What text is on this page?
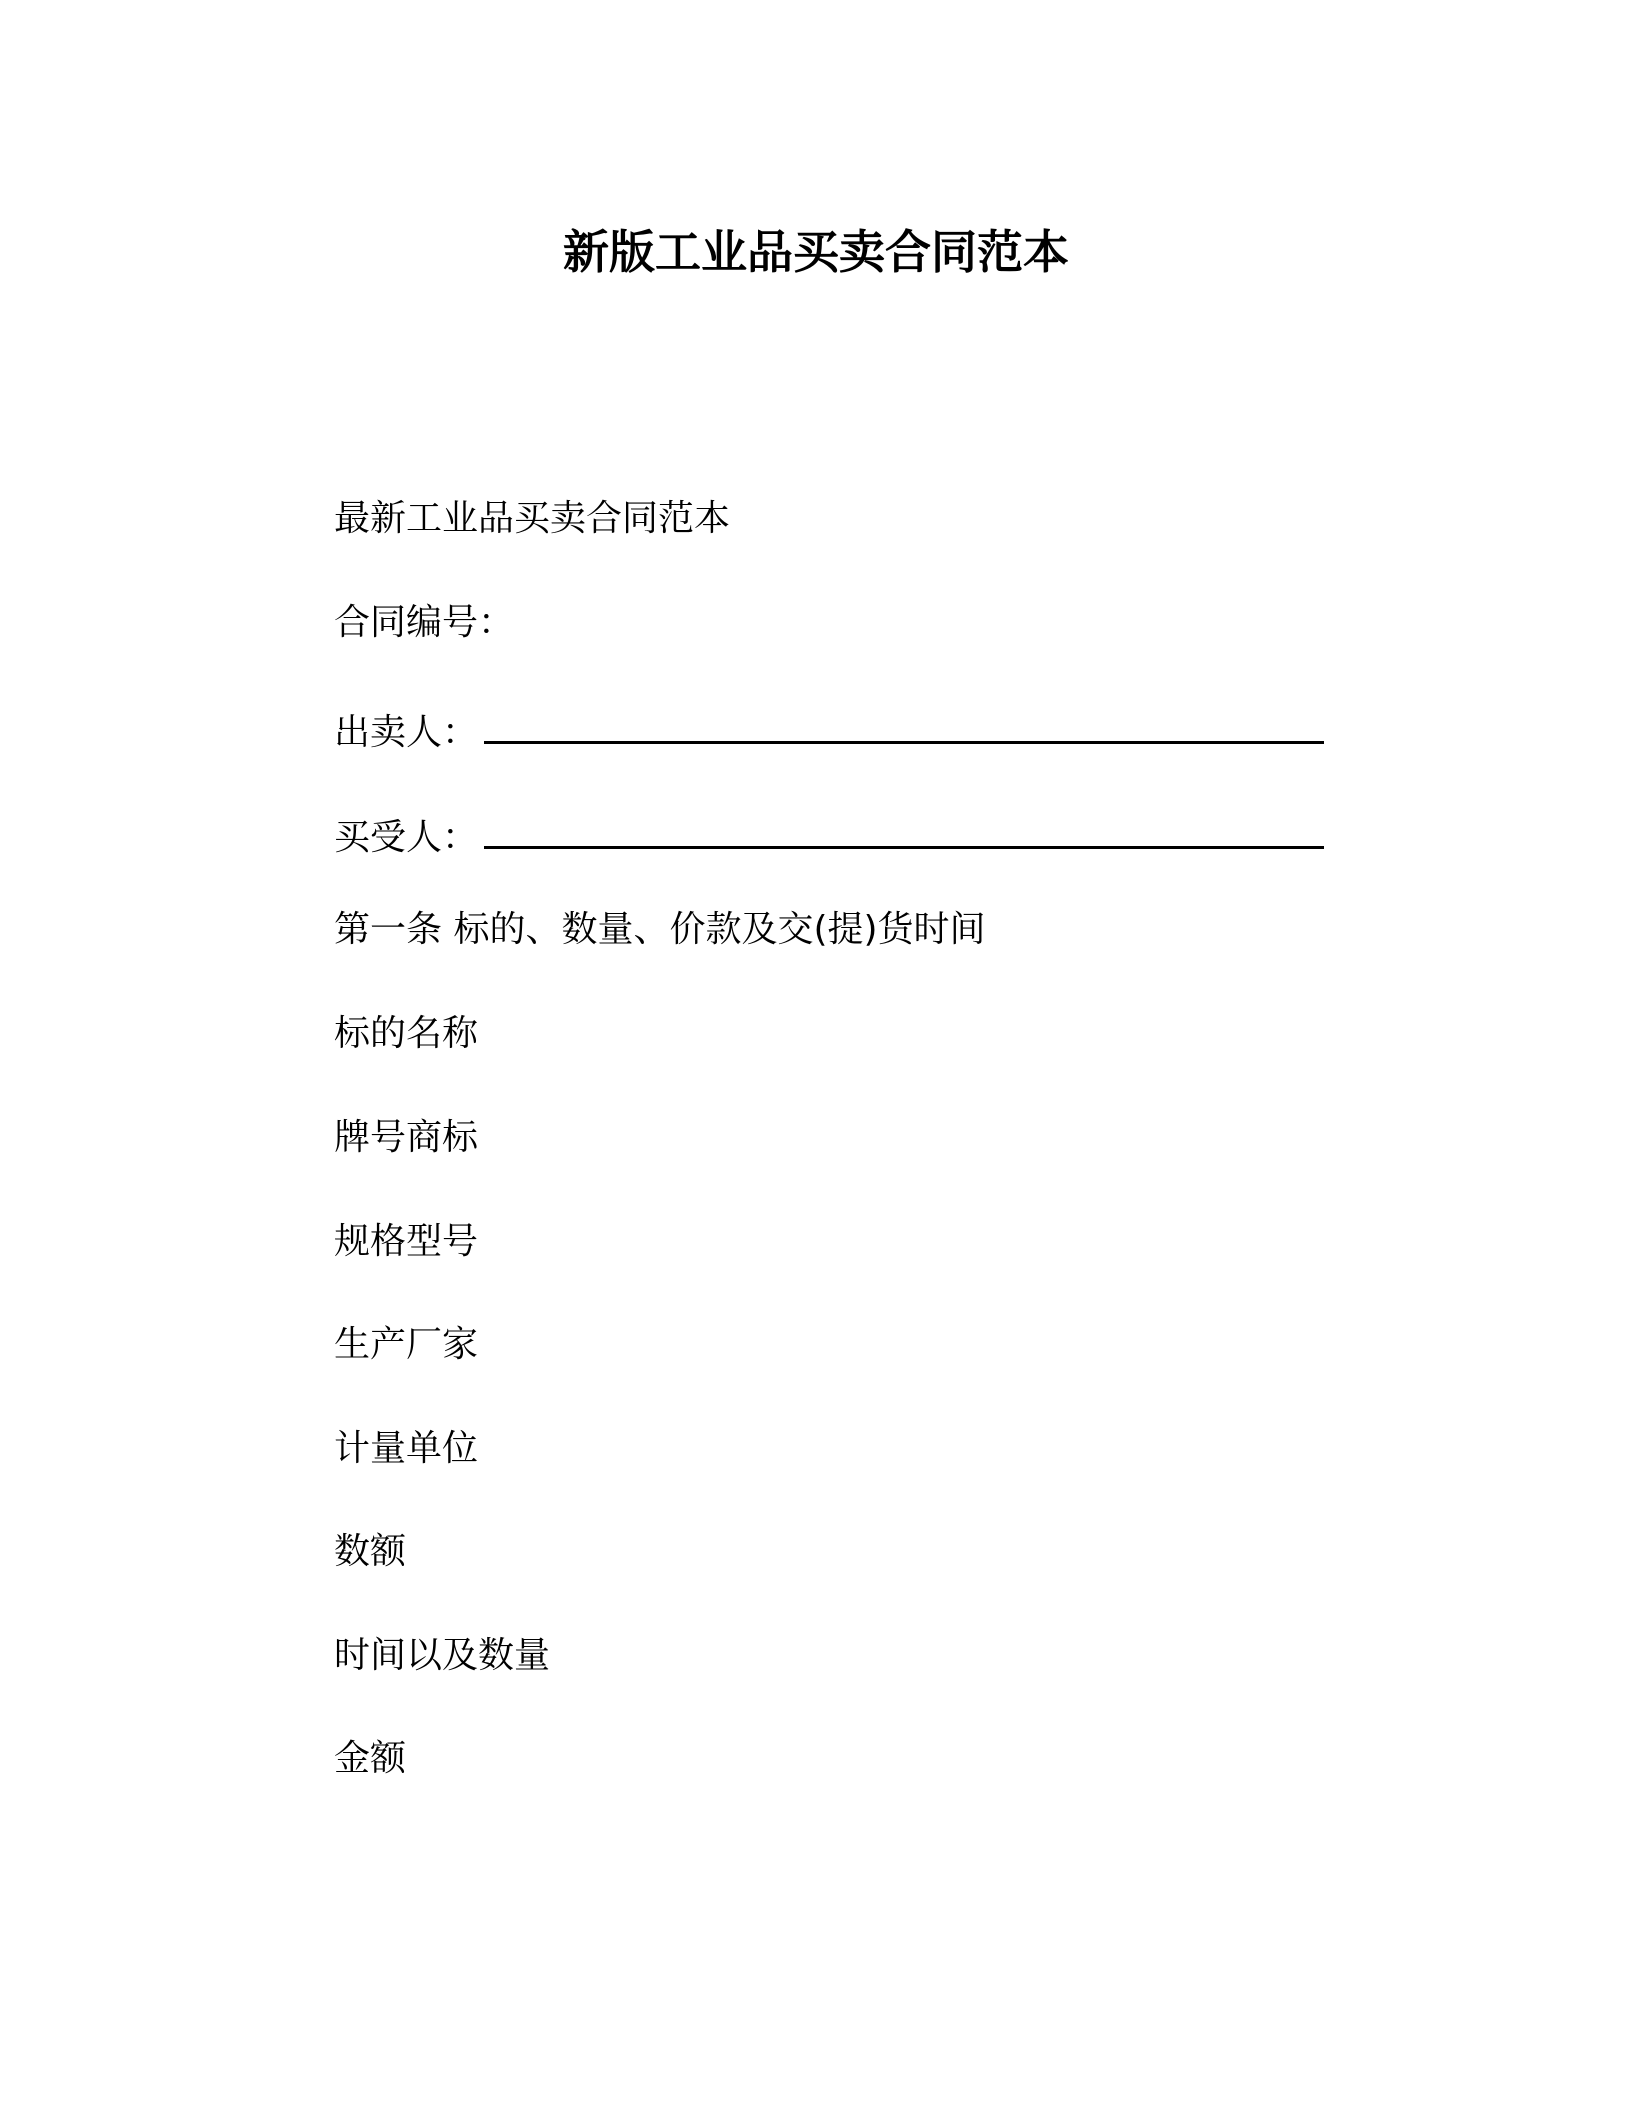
新版工业品买卖合同范本
最新工业品买卖合同范本
合同编号：
出卖人：
买受人：
第一条 标的、数量、价款及交(提)货时间
标的名称
牌号商标
规格型号
生产厂家
计量单位
数额
时间以及数量
金额
